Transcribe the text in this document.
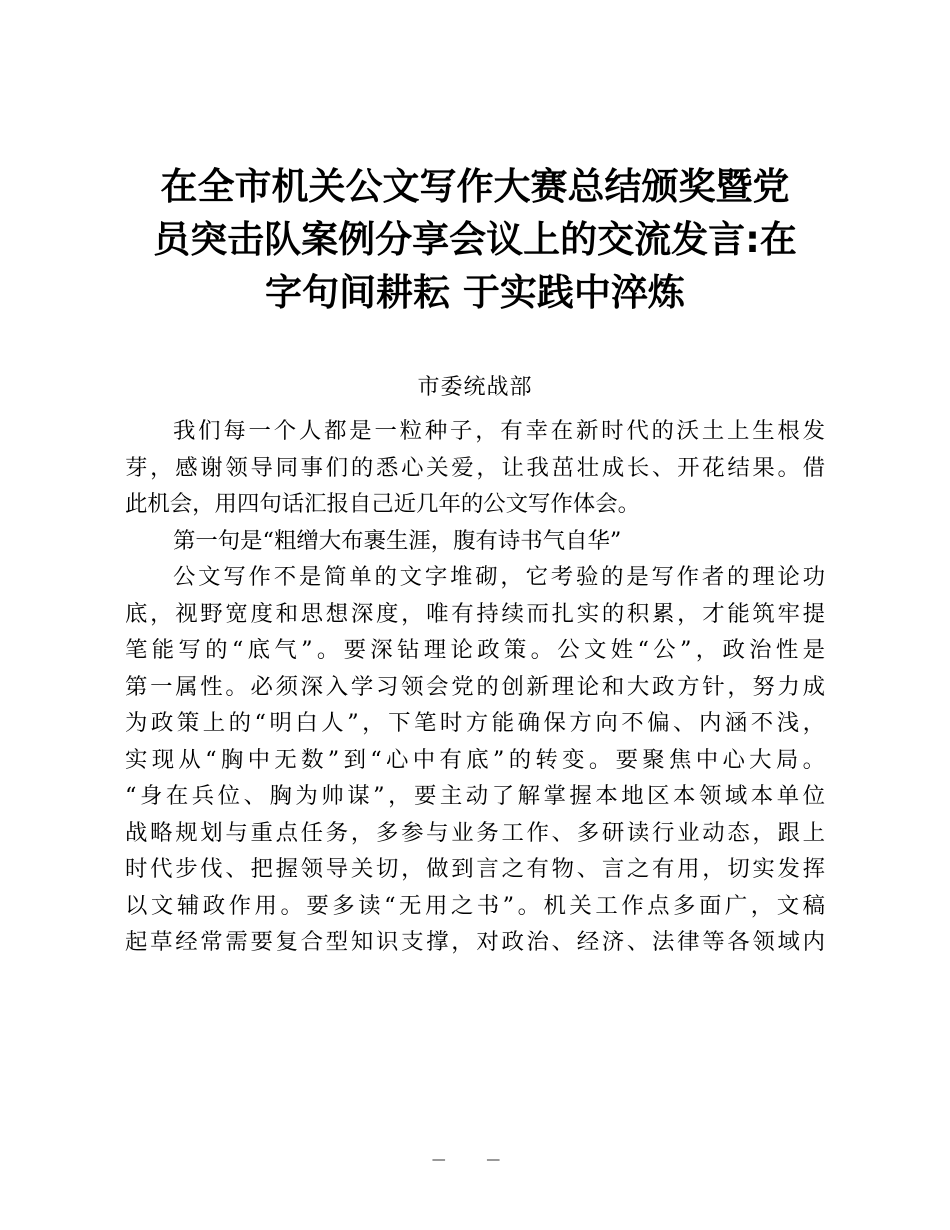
在全市机关公文写作大赛总结颁奖暨党
员突击队案例分享会议上的交流发言:在
字句间耕耘 于实践中淬炼
市委统战部
我们每一个人都是一粒种子，有幸在新时代的沃土上生根发
芽，感谢领导同事们的悉心关爱，让我茁壮成长、开花结果。借
此机会，用四句话汇报自己近几年的公文写作体会。
第一句是“粗缯大布裹生涯，腹有诗书气自华”
公文写作不是简单的文字堆砌，它考验的是写作者的理论功
底，视野宽度和思想深度，唯有持续而扎实的积累，才能筑牢提
笔能写的“底气”。要深钻理论政策。公文姓“公”，政治性是
第一属性。必须深入学习领会党的创新理论和大政方针，努力成
为政策上的“明白人”，下笔时方能确保方向不偏、内涵不浅，
实现从“胸中无数”到“心中有底”的转变。要聚焦中心大局。
“身在兵位、胸为帅谋”，要主动了解掌握本地区本领域本单位
战略规划与重点任务，多参与业务工作、多研读行业动态，跟上
时代步伐、把握领导关切，做到言之有物、言之有用，切实发挥
以文辅政作用。要多读“无用之书”。机关工作点多面广，文稿
起草经常需要复合型知识支撑，对政治、经济、法律等各领域内
— —
